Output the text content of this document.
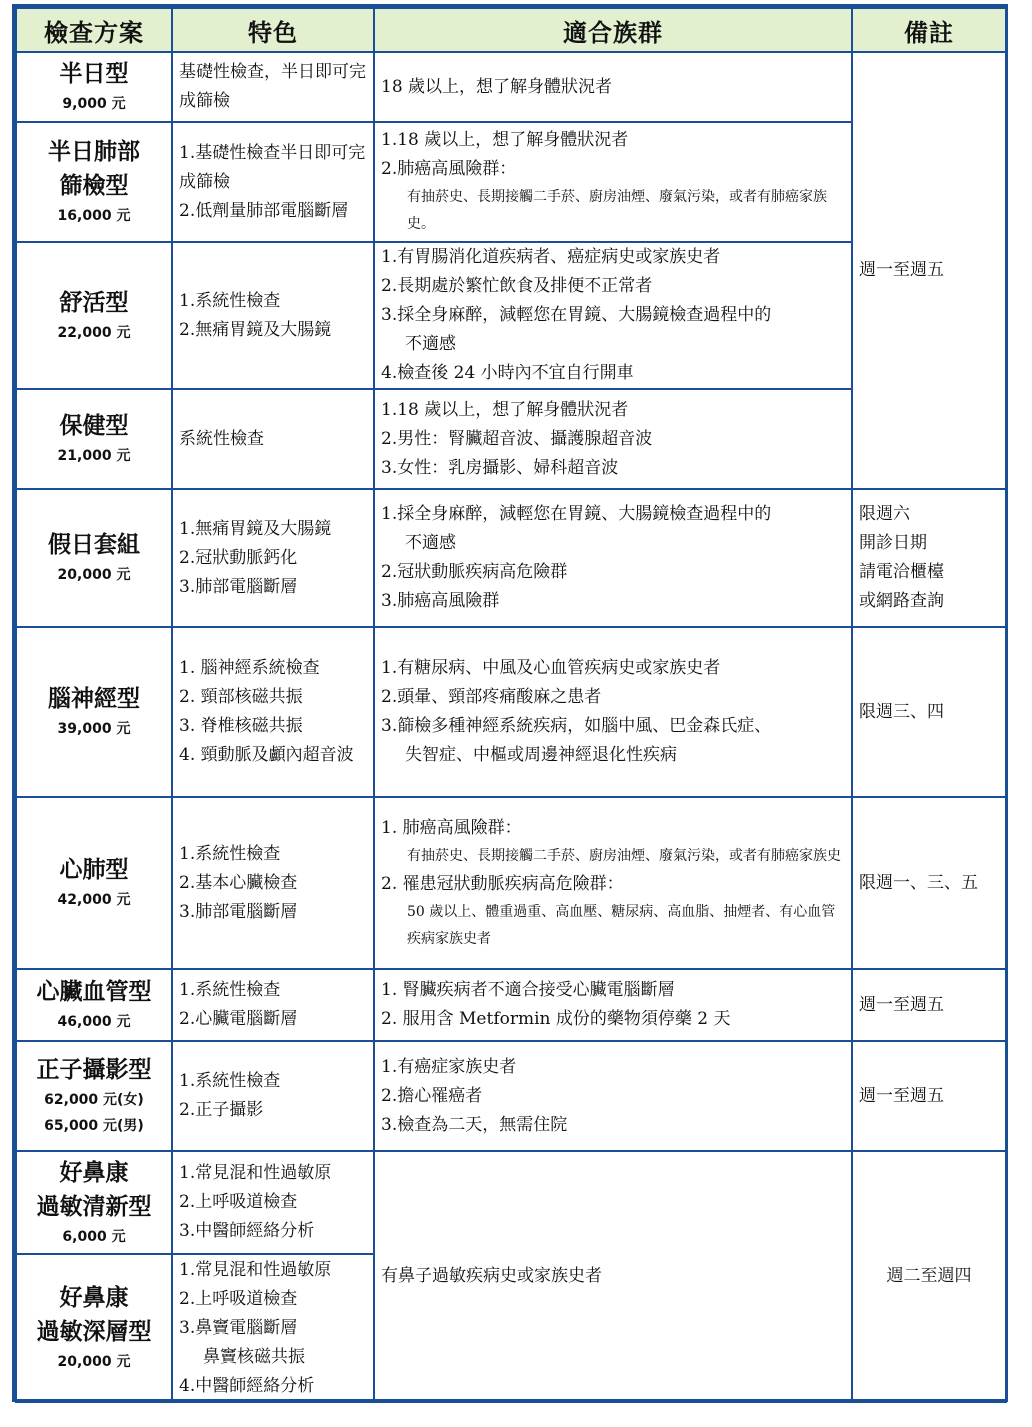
檢查方案	特色	適合族群	備註

半日型
9,000 元	基礎性檢查，半日即可完成篩檢	18 歲以上，想了解身體狀況者	週一至週五

半日肺部
篩檢型
16,000 元	1.基礎性檢查半日即可完成篩檢
2.低劑量肺部電腦斷層	1.18 歲以上，想了解身體狀況者
2.肺癌高風險群：
有抽菸史、長期接觸二手菸、廚房油煙、廢氣污染，或者有肺癌家族史。	

舒活型
22,000 元	1.系統性檢查
2.無痛胃鏡及大腸鏡	1.有胃腸消化道疾病者、癌症病史或家族史者
2.長期處於繁忙飲食及排便不正常者
3.採全身麻醉，減輕您在胃鏡、大腸鏡檢查過程中的
不適感
4.檢查後 24 小時內不宜自行開車	

保健型
21,000 元	系統性檢查	1.18 歲以上，想了解身體狀況者
2.男性：腎臟超音波、攝護腺超音波
3.女性：乳房攝影、婦科超音波	

假日套組
20,000 元	1.無痛胃鏡及大腸鏡
2.冠狀動脈鈣化
3.肺部電腦斷層	1.採全身麻醉，減輕您在胃鏡、大腸鏡檢查過程中的
不適感
2.冠狀動脈疾病高危險群
3.肺癌高風險群	限週六
開診日期
請電洽櫃檯
或網路查詢

腦神經型
39,000 元	1. 腦神經系統檢查
2. 頸部核磁共振
3. 脊椎核磁共振
4. 頸動脈及顱內超音波	1.有糖尿病、中風及心血管疾病史或家族史者
2.頭暈、頸部疼痛酸麻之患者
3.篩檢多種神經系統疾病，如腦中風、巴金森氏症、
失智症、中樞或周邊神經退化性疾病	限週三、四

心肺型
42,000 元	1.系統性檢查
2.基本心臟檢查
3.肺部電腦斷層	1. 肺癌高風險群：
有抽菸史、長期接觸二手菸、廚房油煙、廢氣污染，或者有肺癌家族史
2. 罹患冠狀動脈疾病高危險群：
50 歲以上、體重過重、高血壓、糖尿病、高血脂、抽煙者、有心血管疾病家族史者	限週一、三、五

心臟血管型
46,000 元	1.系統性檢查
2.心臟電腦斷層	1. 腎臟疾病者不適合接受心臟電腦斷層
2. 服用含 Metformin 成份的藥物須停藥 2 天	週一至週五

正子攝影型
62,000 元(女)
65,000 元(男)	1.系統性檢查
2.正子攝影	1.有癌症家族史者
2.擔心罹癌者
3.檢查為二天，無需住院	週一至週五

好鼻康
過敏清新型
6,000 元	1.常見混和性過敏原
2.上呼吸道檢查
3.中醫師經絡分析	有鼻子過敏疾病史或家族史者	週二至週四

好鼻康
過敏深層型
20,000 元	1.常見混和性過敏原
2.上呼吸道檢查
3.鼻竇電腦斷層
鼻竇核磁共振
4.中醫師經絡分析		
